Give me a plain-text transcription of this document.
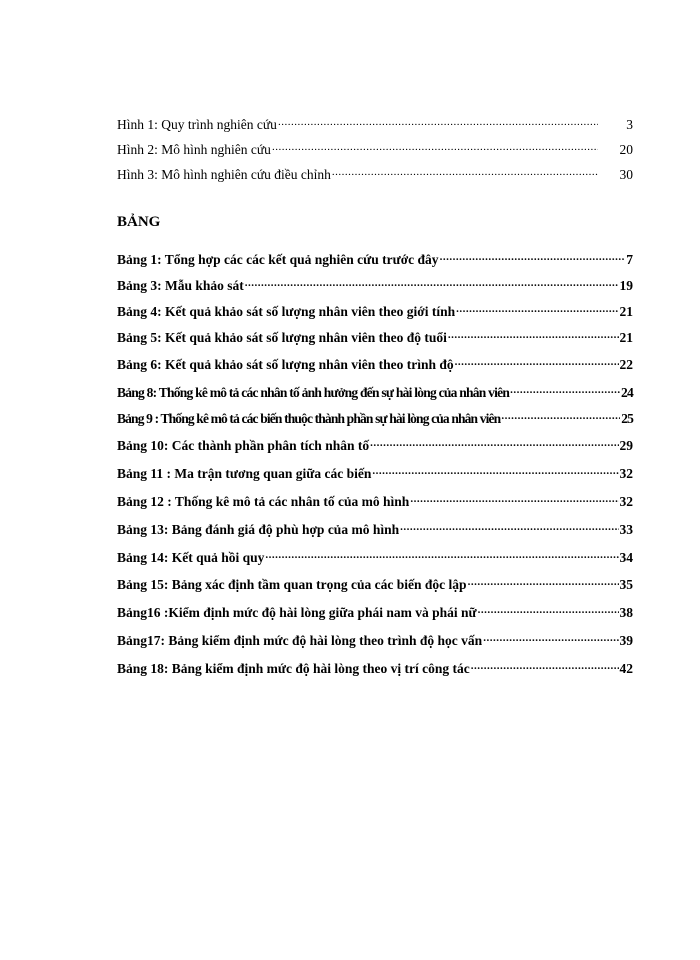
Hình 1: Quy trình nghiên cứu .....	3
Hình 2: Mô hình nghiên cứu .....	20
Hình 3: Mô hình nghiên cứu điều chỉnh .....	30
BẢNG
Bảng 1: Tổng hợp các các kết quả nghiên cứu trước đây .....	7
Bảng 3: Mẫu khảo sát .....	19
Bảng 4: Kết quả khảo sát số lượng nhân viên theo giới tính .....	21
Bảng 5: Kết quả khảo sát số lượng nhân viên theo độ tuổi .....	21
Bảng 6: Kết quả khảo sát số lượng nhân viên theo trình độ .....	22
Bảng 8: Thống kê mô tả các nhân tố ảnh hưởng đến sự hài lòng của nhân viên .....	24
Bảng 9 : Thống kê mô tả các biến thuộc thành phần sự hài lòng của nhân viên .....	25
Bảng 10: Các thành phần phân tích nhân tố .....	29
Bảng 11 : Ma trận tương quan giữa các biến .....	32
Bảng 12 : Thống kê mô tả các nhân tố của mô hình .....	32
Bảng 13: Bảng đánh giá độ phù hợp của mô hình .....	33
Bảng 14: Kết quả hồi quy .....	34
Bảng 15: Bảng xác định tầm quan trọng của các biến độc lập .....	35
Bảng16 :Kiểm định mức độ hài lòng giữa phái nam và phái nữ .....	38
Bảng17: Bảng kiểm định mức độ hài lòng theo trình độ học vấn .....	39
Bảng 18: Bảng kiểm định mức độ hài lòng theo vị trí công tác .....	42
